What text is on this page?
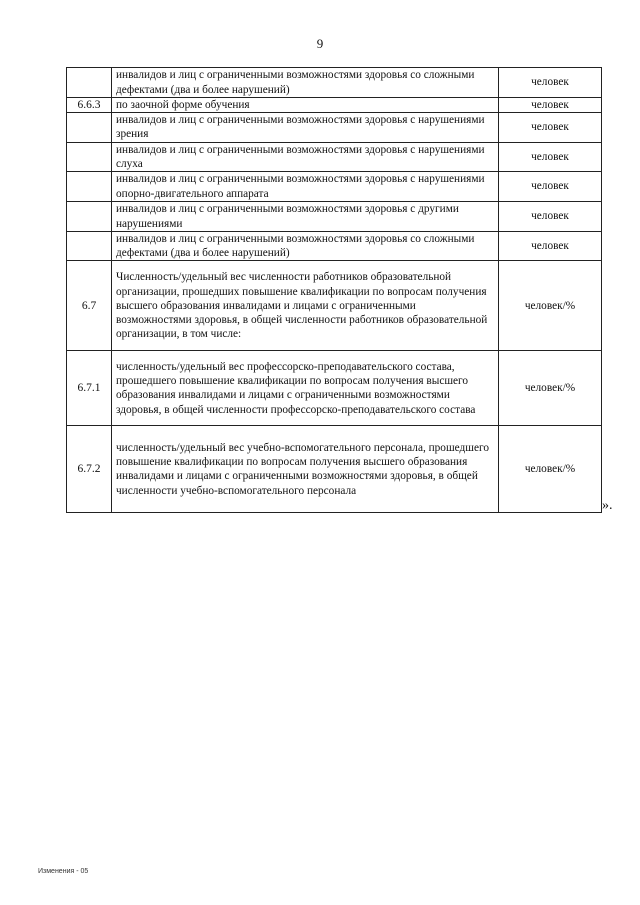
9
	инвалидов и лиц с ограниченными возможностями здоровья со сложными дефектами (два и более нарушений)	человек
6.6.3	по заочной форме обучения	человек
	инвалидов и лиц с ограниченными возможностями здоровья с нарушениями зрения	человек
	инвалидов и лиц с ограниченными возможностями здоровья с нарушениями слуха	человек
	инвалидов и лиц с ограниченными возможностями здоровья с нарушениями опорно-двигательного аппарата	человек
	инвалидов и лиц с ограниченными возможностями здоровья с другими нарушениями	человек
	инвалидов и лиц с ограниченными возможностями здоровья со сложными дефектами (два и более нарушений)	человек
6.7	Численность/удельный вес численности работников образовательной организации, прошедших повышение квалификации по вопросам получения высшего образования инвалидами и лицами с ограниченными возможностями здоровья, в общей численности работников образовательной организации, в том числе:	человек/%
6.7.1	численность/удельный вес профессорско-преподавательского состава, прошедшего повышение квалификации по вопросам получения высшего образования инвалидами и лицами с ограниченными возможностями здоровья, в общей численности профессорско-преподавательского состава	человек/%
6.7.2	численность/удельный вес учебно-вспомогательного персонала, прошедшего повышение квалификации по вопросам получения высшего образования инвалидами и лицами с ограниченными возможностями здоровья, в общей численности учебно-вспомогательного персонала	человек/%
».
Изменения - 05
